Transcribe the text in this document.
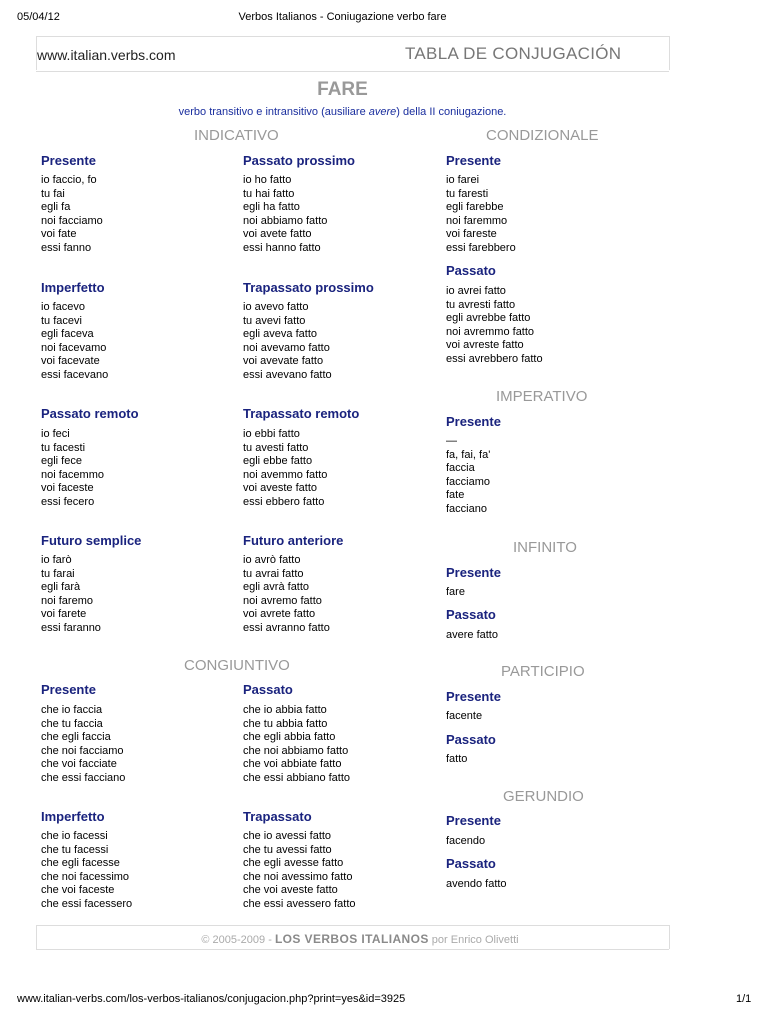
05/04/12	Verbos Italianos - Coniugazione verbo fare
www.italian.verbs.com	TABLA DE CONJUGACIÓN
FARE
verbo transitivo e intransitivo (ausiliare avere) della II coniugazione.
INDICATIVO
Presente
io faccio, fo
tu fai
egli fa
noi facciamo
voi fate
essi fanno
Passato prossimo
io ho fatto
tu hai fatto
egli ha fatto
noi abbiamo fatto
voi avete fatto
essi hanno fatto
Imperfetto
io facevo
tu facevi
egli faceva
noi facevamo
voi facevate
essi facevano
Trapassato prossimo
io avevo fatto
tu avevi fatto
egli aveva fatto
noi avevamo fatto
voi avevate fatto
essi avevano fatto
Passato remoto
io feci
tu facesti
egli fece
noi facemmo
voi faceste
essi fecero
Trapassato remoto
io ebbi fatto
tu avesti fatto
egli ebbe fatto
noi avemmo fatto
voi aveste fatto
essi ebbero fatto
Futuro semplice
io farò
tu farai
egli farà
noi faremo
voi farete
essi faranno
Futuro anteriore
io avrò fatto
tu avrai fatto
egli avrà fatto
noi avremo fatto
voi avrete fatto
essi avranno fatto
CONGIUNTIVO
Presente
che io faccia
che tu faccia
che egli faccia
che noi facciamo
che voi facciate
che essi facciano
Passato
che io abbia fatto
che tu abbia fatto
che egli abbia fatto
che noi abbiamo fatto
che voi abbiate fatto
che essi abbiano fatto
Imperfetto
che io facessi
che tu facessi
che egli facesse
che noi facessimo
che voi faceste
che essi facessero
Trapassato
che io avessi fatto
che tu avessi fatto
che egli avesse fatto
che noi avessimo fatto
che voi aveste fatto
che essi avessero fatto
CONDIZIONALE
Presente
io farei
tu faresti
egli farebbe
noi faremmo
voi fareste
essi farebbero
Passato
io avrei fatto
tu avresti fatto
egli avrebbe fatto
noi avremmo fatto
voi avreste fatto
essi avrebbero fatto
IMPERATIVO
Presente
—
fa, fai, fa'
faccia
facciamo
fate
facciano
INFINITO
Presente
fare
Passato
avere fatto
PARTICIPIO
Presente
facente
Passato
fatto
GERUNDIO
Presente
facendo
Passato
avendo fatto
© 2005-2009 - LOS VERBOS ITALIANOS por Enrico Olivetti
www.italian-verbs.com/los-verbos-italianos/conjugacion.php?print=yes&id=3925	1/1
